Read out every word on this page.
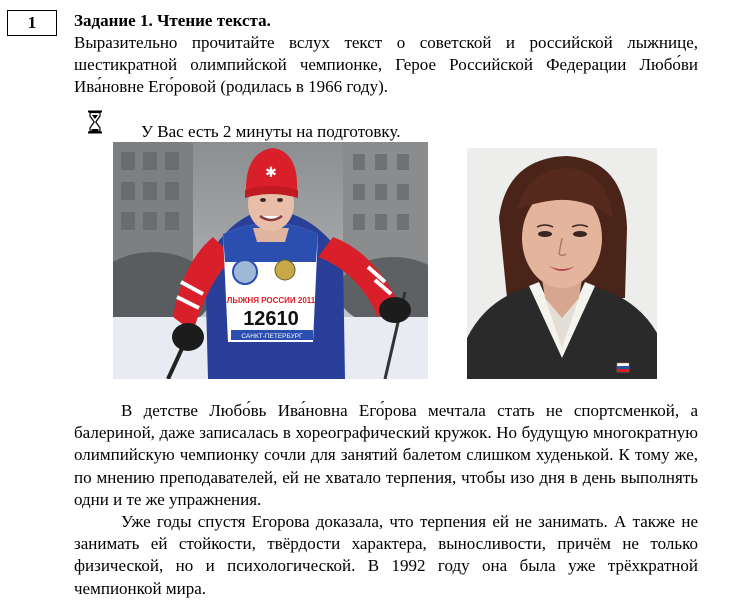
1	Задание 1. Чтение текста.

Выразительно прочитайте вслух текст о советской и российской лыжнице, шестикратной олимпийской чемпионке, Герое Российской Федерации Любо́ви Ива́новне Его́ровой (родилась в 1966 году).

У Вас есть 2 минуты на подготовку.
ЛЫЖНЯ РОССИИ 2011
12610
САНКТ-ПЕТЕРБУРГ
✱

В детстве Любо́вь Ива́новна Его́рова мечтала стать не спортсменкой, а балериной, даже записалась в хореографический кружок. Но будущую многократную олимпийскую чемпионку сочли для занятий балетом слишком худенькой. К тому же, по мнению преподавателей, ей не хватало терпения, чтобы изо дня в день выполнять одни и те же упражнения.

Уже годы спустя Егорова доказала, что терпения ей не занимать. А также не занимать ей стойкости, твёрдости характера, выносливости, причём не только физической, но и психологической. В 1992 году она была уже трёхкратной чемпионкой мира.
